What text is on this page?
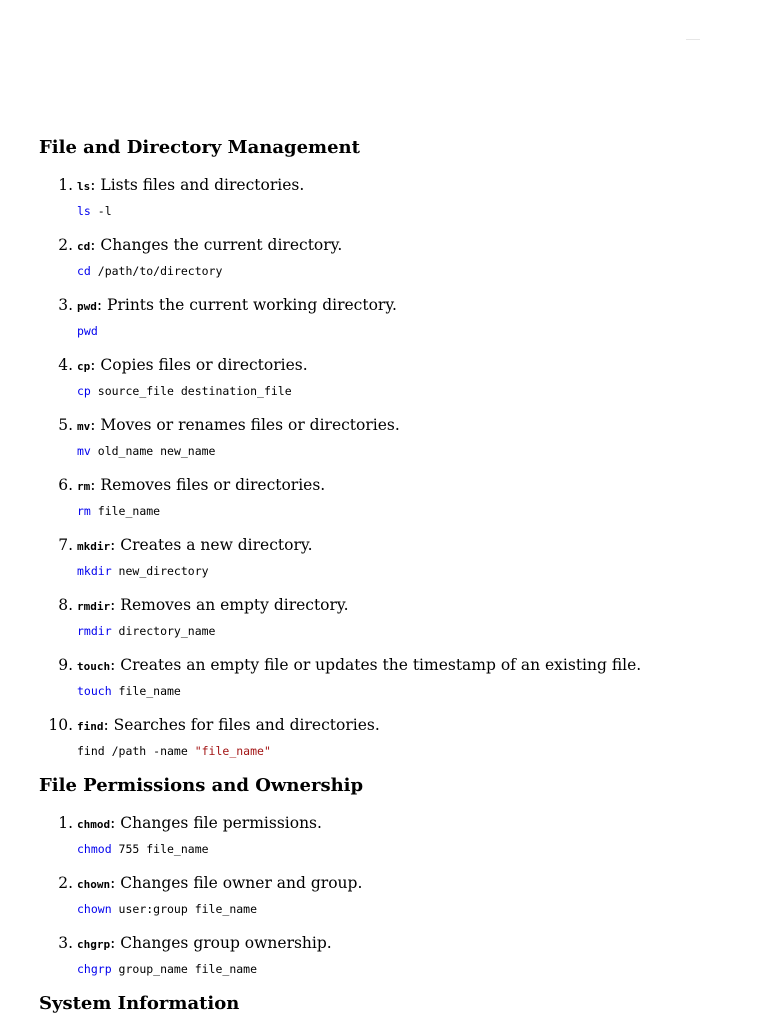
File and Directory Management
1. ls: Lists files and directories.
ls -l
2. cd: Changes the current directory.
cd /path/to/directory
3. pwd: Prints the current working directory.
pwd
4. cp: Copies files or directories.
cp source_file destination_file
5. mv: Moves or renames files or directories.
mv old_name new_name
6. rm: Removes files or directories.
rm file_name
7. mkdir: Creates a new directory.
mkdir new_directory
8. rmdir: Removes an empty directory.
rmdir directory_name
9. touch: Creates an empty file or updates the timestamp of an existing file.
touch file_name
10. find: Searches for files and directories.
find /path -name "file_name"
File Permissions and Ownership
1. chmod: Changes file permissions.
chmod 755 file_name
2. chown: Changes file owner and group.
chown user:group file_name
3. chgrp: Changes group ownership.
chgrp group_name file_name
System Information
